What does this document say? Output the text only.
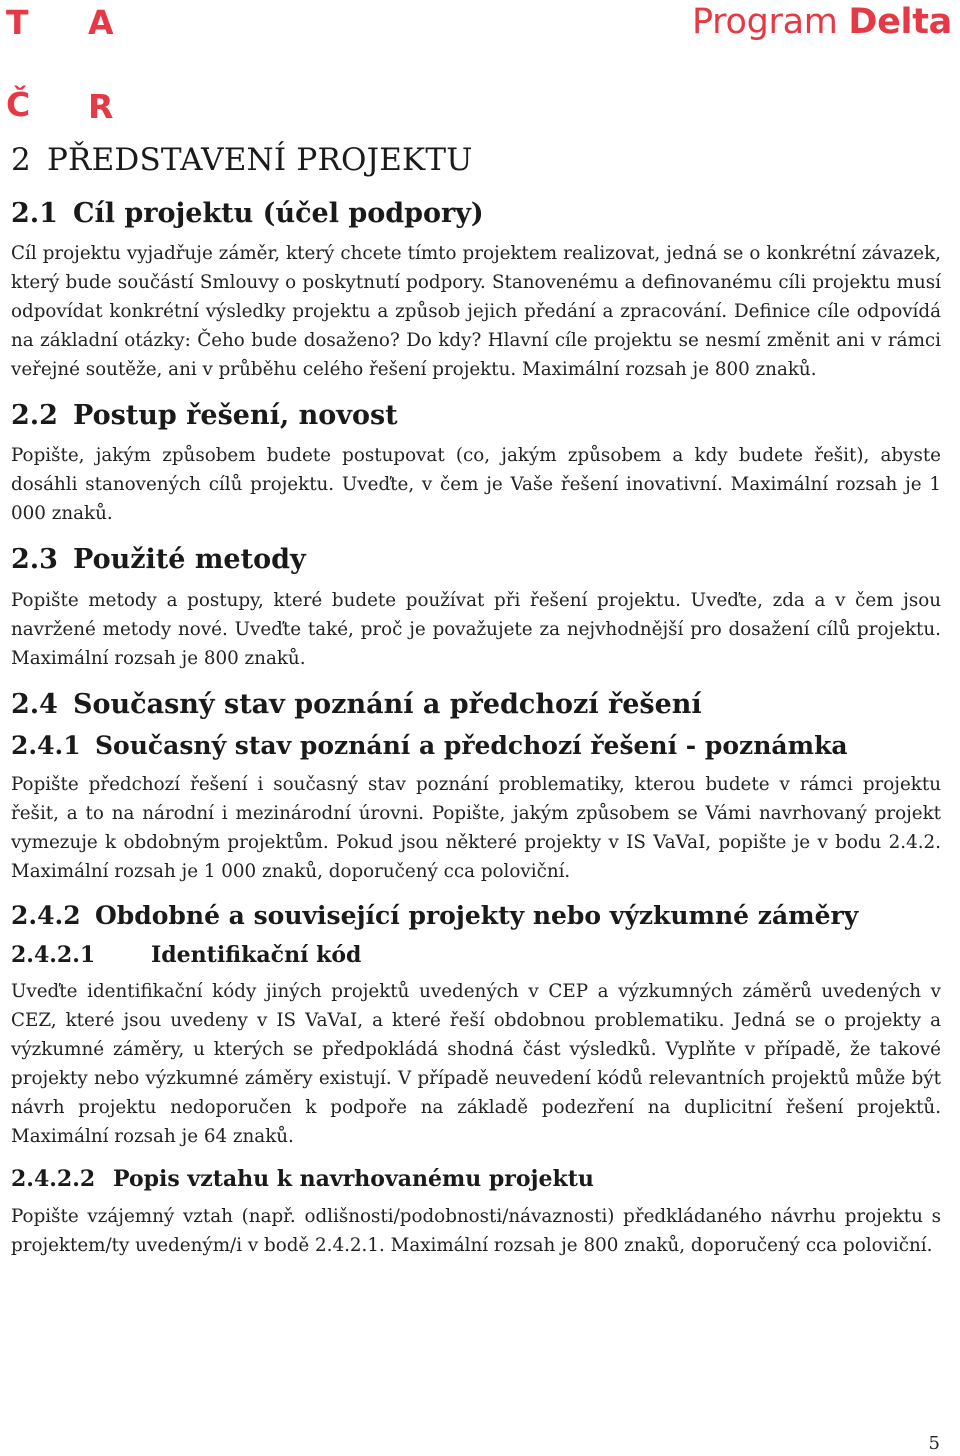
T A
Č R
Program Delta
2 PŘEDSTAVENÍ PROJEKTU
2.1 Cíl projektu (účel podpory)

Cíl projektu vyjadřuje záměr, který chcete tímto projektem realizovat, jedná se o konkrétní závazek, který bude součástí Smlouvy o poskytnutí podpory. Stanovenému a definovanému cíli projektu musí odpovídat konkrétní výsledky projektu a způsob jejich předání a zpracování. Definice cíle odpovídá na základní otázky: Čeho bude dosaženo? Do kdy? Hlavní cíle projektu se nesmí změnit ani v rámci veřejné soutěže, ani v průběhu celého řešení projektu. Maximální rozsah je 800 znaků.

2.2 Postup řešení, novost

Popište, jakým způsobem budete postupovat (co, jakým způsobem a kdy budete řešit), abyste dosáhli stanovených cílů projektu. Uveďte, v čem je Vaše řešení inovativní. Maximální rozsah je 1 000 znaků.

2.3 Použité metody

Popište metody a postupy, které budete používat při řešení projektu. Uveďte, zda a v čem jsou navržené metody nové. Uveďte také, proč je považujete za nejvhodnější pro dosažení cílů projektu. Maximální rozsah je 800 znaků.

2.4 Současný stav poznání a předchozí řešení
2.4.1 Současný stav poznání a předchozí řešení - poznámka

Popište předchozí řešení i současný stav poznání problematiky, kterou budete v rámci projektu řešit, a to na národní i mezinárodní úrovni. Popište, jakým způsobem se Vámi navrhovaný projekt vymezuje k obdobným projektům. Pokud jsou některé projekty v IS VaVaI, popište je v bodu 2.4.2. Maximální rozsah je 1 000 znaků, doporučený cca poloviční.

2.4.2 Obdobné a související projekty nebo výzkumné záměry
2.4.2.1	Identifikační kód

Uveďte identifikační kódy jiných projektů uvedených v CEP a výzkumných záměrů uvedených v CEZ, které jsou uvedeny v IS VaVaI, a které řeší obdobnou problematiku. Jedná se o projekty a výzkumné záměry, u kterých se předpokládá shodná část výsledků. Vyplňte v případě, že takové projekty nebo výzkumné záměry existují. V případě neuvedení kódů relevantních projektů může být návrh projektu nedoporučen k podpoře na základě podezření na duplicitní řešení projektů. Maximální rozsah je 64 znaků.

2.4.2.2 Popis vztahu k navrhovanému projektu

Popište vzájemný vztah (např. odlišnosti/podobnosti/návaznosti) předkládaného návrhu projektu s projektem/ty uvedeným/i v bodě 2.4.2.1. Maximální rozsah je 800 znaků, doporučený cca poloviční.

5
